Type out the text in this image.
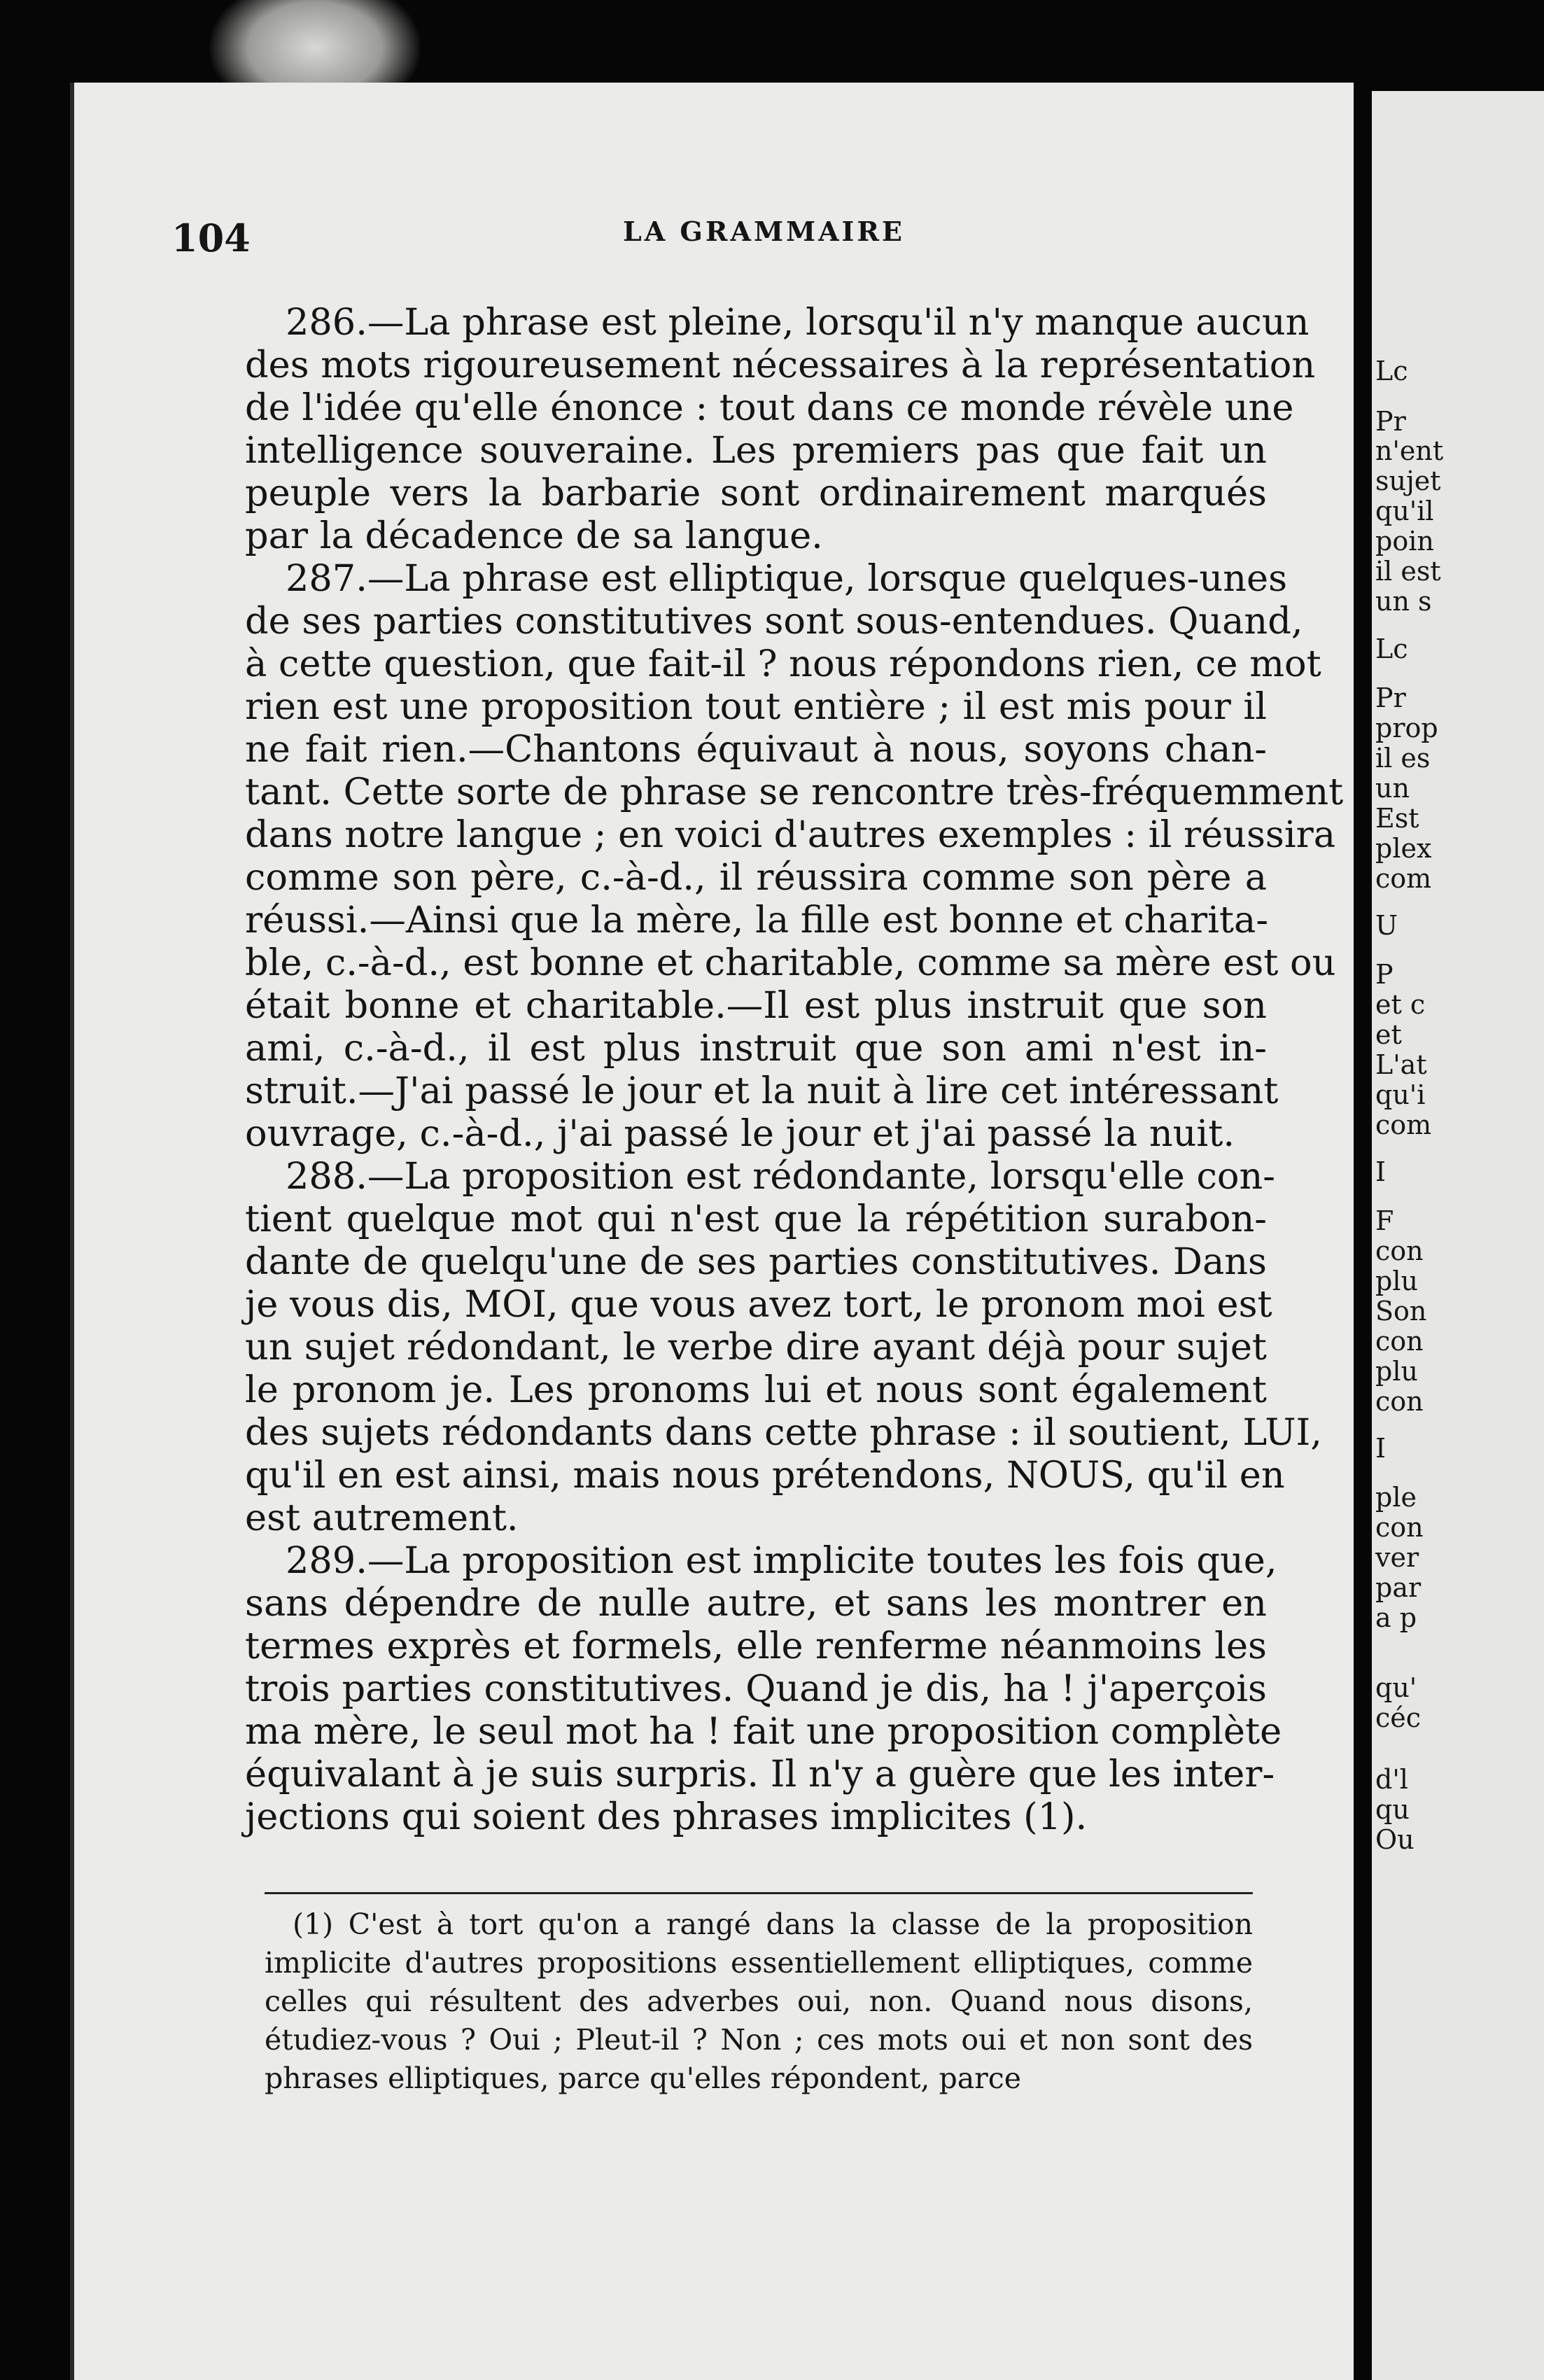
104	LA GRAMMAIRE
286.—La phrase est pleine, lorsqu'il n'y manque aucun
des mots rigoureusement nécessaires à la représentation
de l'idée qu'elle énonce : tout dans ce monde révèle une
intelligence souveraine. Les premiers pas que fait un
peuple vers la barbarie sont ordinairement marqués
par la décadence de sa langue.
287.—La phrase est elliptique, lorsque quelques-unes
de ses parties constitutives sont sous-entendues. Quand,
à cette question, que fait-il ? nous répondons rien, ce mot
rien est une proposition tout entière ; il est mis pour il
ne fait rien.—Chantons équivaut à nous, soyons chan-
tant. Cette sorte de phrase se rencontre très-fréquemment
dans notre langue ; en voici d'autres exemples : il réussira
comme son père, c.-à-d., il réussira comme son père a
réussi.—Ainsi que la mère, la fille est bonne et charita-
ble, c.-à-d., est bonne et charitable, comme sa mère est ou
était bonne et charitable.—Il est plus instruit que son
ami, c.-à-d., il est plus instruit que son ami n'est in-
struit.—J'ai passé le jour et la nuit à lire cet intéressant
ouvrage, c.-à-d., j'ai passé le jour et j'ai passé la nuit.
288.—La proposition est rédondante, lorsqu'elle con-
tient quelque mot qui n'est que la répétition surabon-
dante de quelqu'une de ses parties constitutives. Dans
je vous dis, MOI, que vous avez tort, le pronom moi est
un sujet rédondant, le verbe dire ayant déjà pour sujet
le pronom je. Les pronoms lui et nous sont également
des sujets rédondants dans cette phrase : il soutient, LUI,
qu'il en est ainsi, mais nous prétendons, NOUS, qu'il en
est autrement.
289.—La proposition est implicite toutes les fois que,
sans dépendre de nulle autre, et sans les montrer en
termes exprès et formels, elle renferme néanmoins les
trois parties constitutives. Quand je dis, ha ! j'aperçois
ma mère, le seul mot ha ! fait une proposition complète
équivalant à je suis surpris. Il n'y a guère que les inter-
jections qui soient des phrases implicites (1).
(1) C'est à tort qu'on a rangé dans la classe de la proposition implicite d'autres propositions essentiellement elliptiques, comme celles qui résultent des adverbes oui, non. Quand nous disons, étudiez-vous ? Oui ; Pleut-il ? Non ; ces mots oui et non sont des phrases elliptiques, parce qu'elles répondent, parce
Lc
Pr
n'ent
sujet
qu'il
poin
il est
un s
Lc
Pr
prop
il es
un
Est
plex
com
U
P
et c
et
L'at
qu'i
com
I
F
con
plu
Son
con
plu
con
I
ple
con
ver
par
a p
qu'
céc
d'l
qu
Ou
